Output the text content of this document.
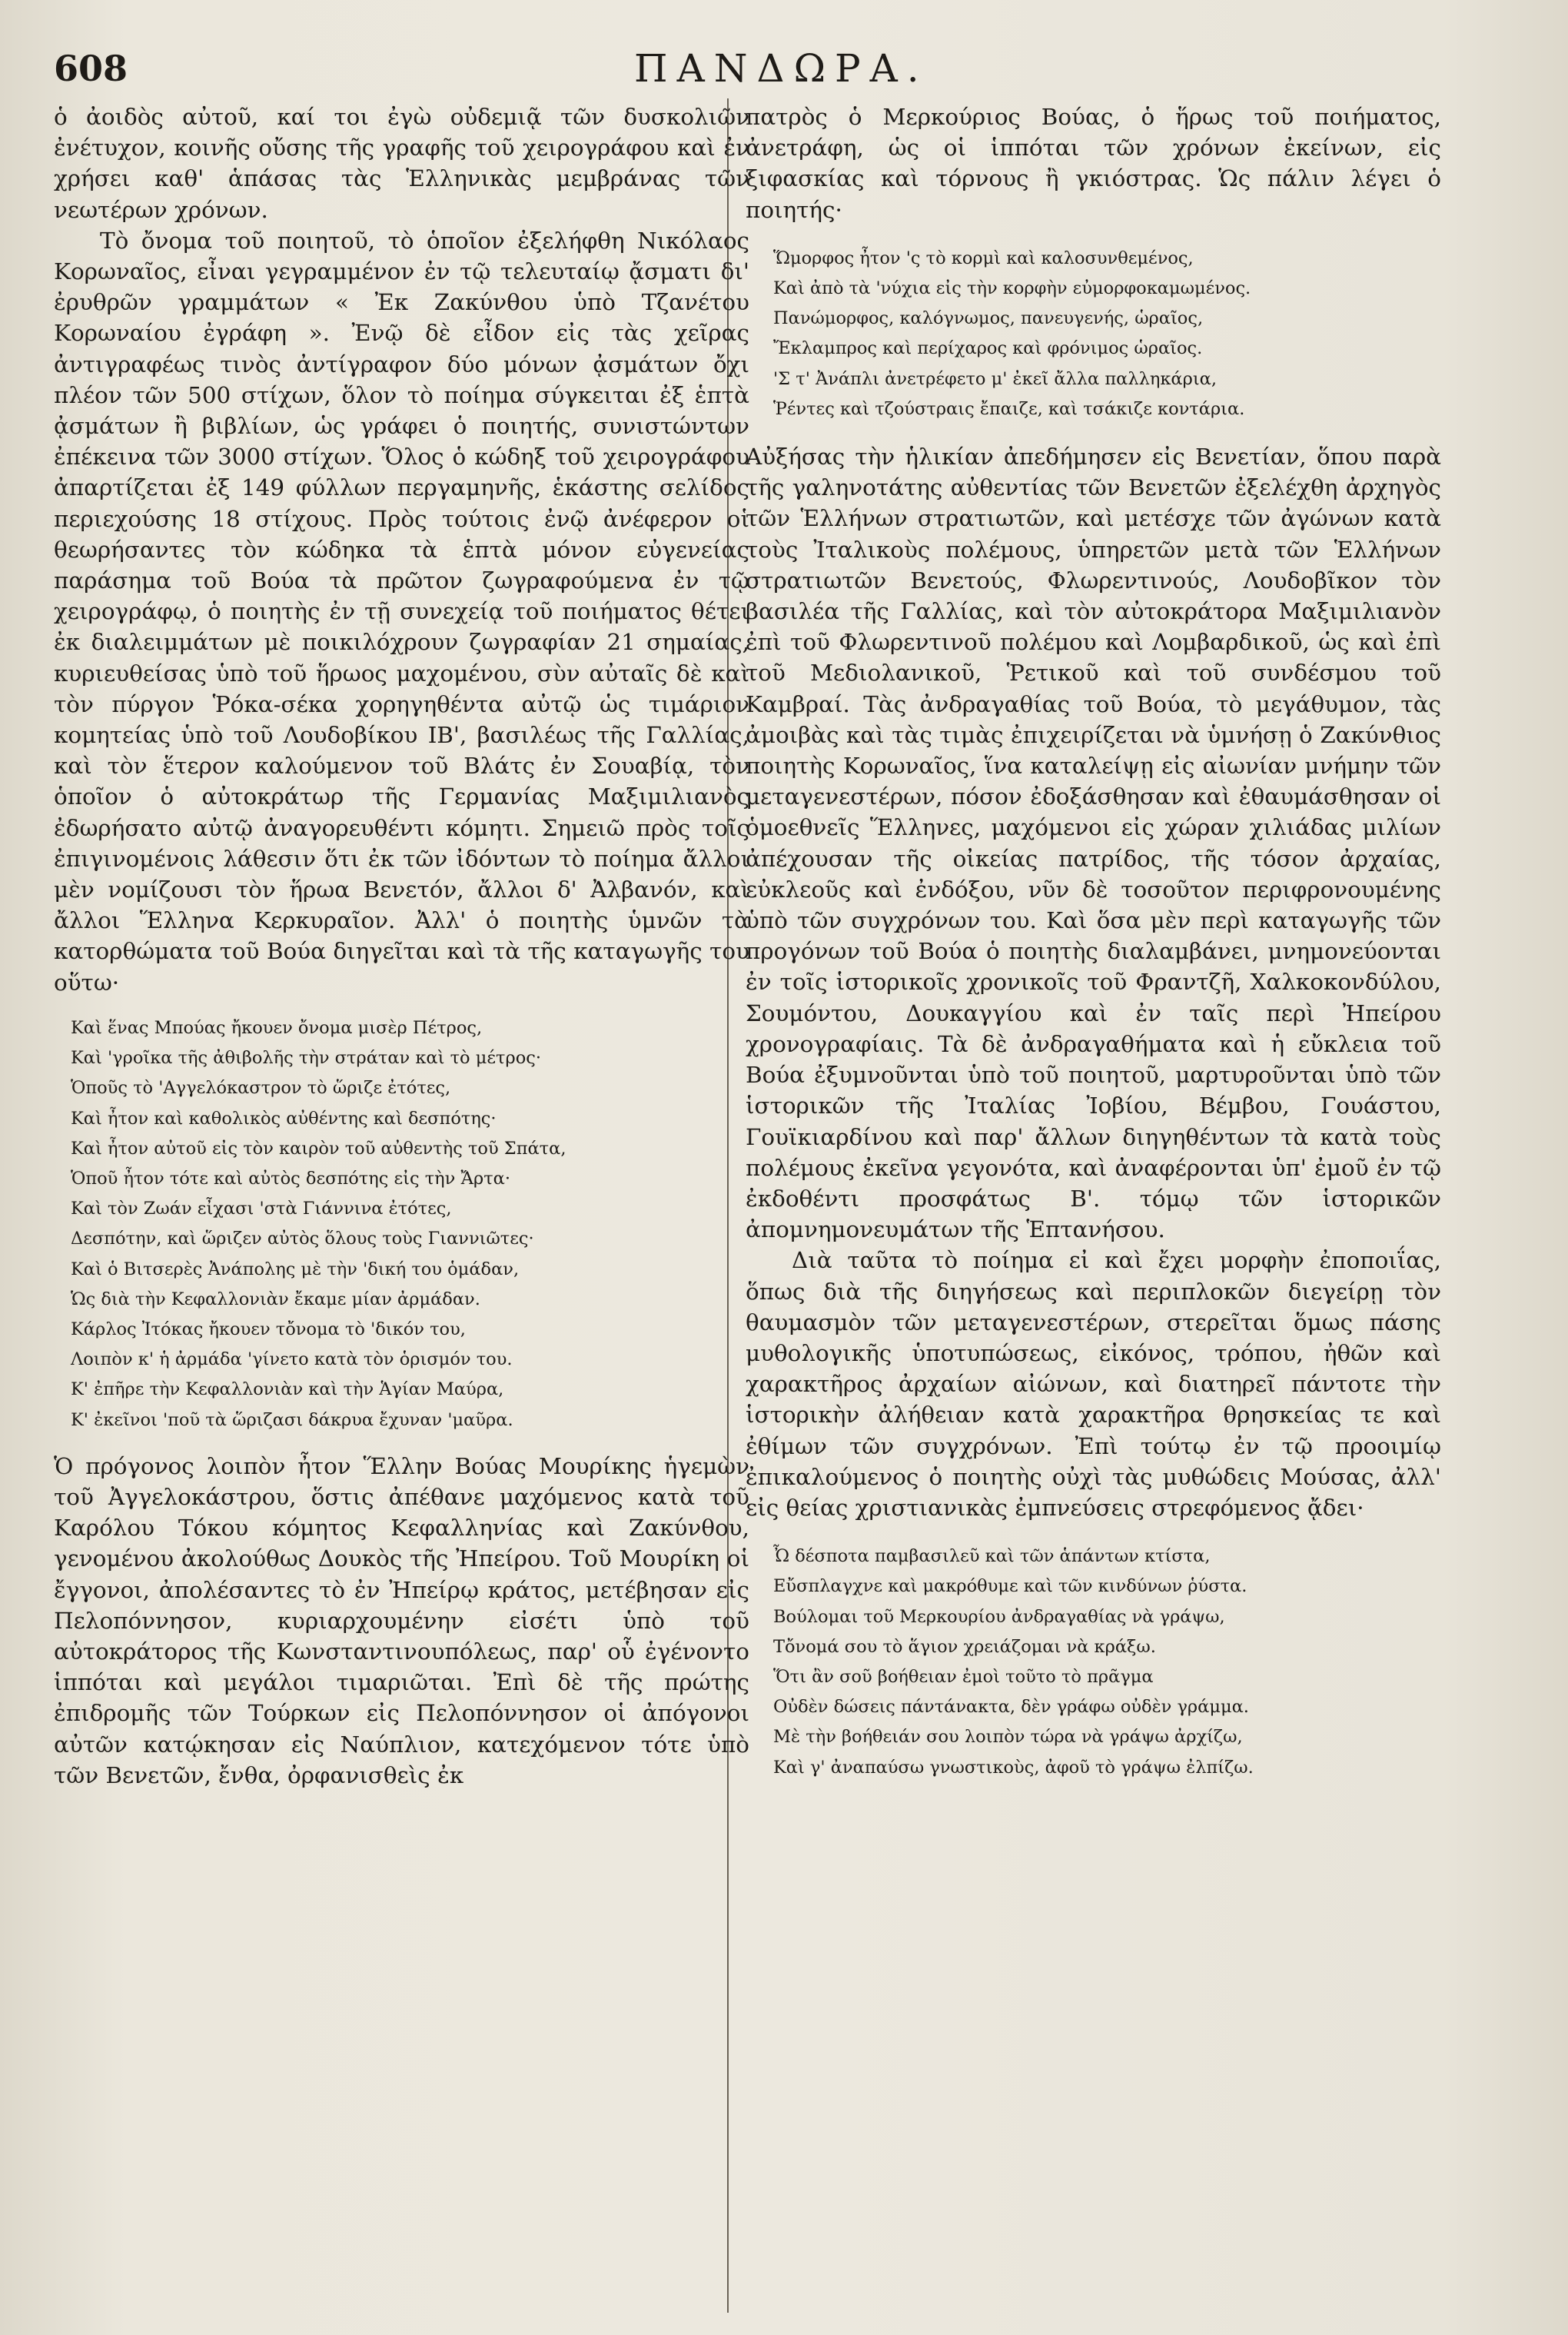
608	ΠΑΝΔΩΡΑ.

ὁ ἀοιδὸς αὐτοῦ, καί τοι ἐγὼ οὐδεμιᾷ τῶν δυσκολιῶν ἐνέτυχον, κοινῆς οὔσης τῆς γραφῆς τοῦ χειρογράφου καὶ ἐν χρήσει καθ' ἁπάσας τὰς Ἑλληνικὰς μεμβράνας τῶν νεωτέρων χρόνων.

Τὸ ὄνομα τοῦ ποιητοῦ, τὸ ὁποῖον ἐξελήφθη Νικόλαος Κορωναῖος, εἶναι γεγραμμένον ἐν τῷ τελευταίῳ ᾄσματι δι' ἐρυθρῶν γραμμάτων « Ἐκ Ζακύνθου ὑπὸ Τζανέτου Κορωναίου ἐγράφη ». Ἐνῷ δὲ εἶδον εἰς τὰς χεῖρας ἀντιγραφέως τινὸς ἀντίγραφον δύο μόνων ᾀσμάτων ὄχι πλέον τῶν 500 στίχων, ὅλον τὸ ποίημα σύγκειται ἐξ ἑπτὰ ᾀσμάτων ἢ βιβλίων, ὡς γράφει ὁ ποιητής, συνιστώντων ἐπέκεινα τῶν 3000 στίχων. Ὅλος ὁ κώδηξ τοῦ χειρογράφου ἀπαρτίζεται ἐξ 149 φύλλων περγαμηνῆς, ἑκάστης σελίδος περιεχούσης 18 στίχους. Πρὸς τούτοις ἐνῷ ἀνέφερον οἱ θεωρήσαντες τὸν κώδηκα τὰ ἑπτὰ μόνον εὐγενείας παράσημα τοῦ Βούα τὰ πρῶτον ζωγραφούμενα ἐν τῷ χειρογράφῳ, ὁ ποιητὴς ἐν τῇ συνεχείᾳ τοῦ ποιήματος θέτει ἐκ διαλειμμάτων μὲ ποικιλόχρουν ζωγραφίαν 21 σημαίας, κυριευθείσας ὑπὸ τοῦ ἥρωος μαχομένου, σὺν αὐταῖς δὲ καὶ τὸν πύργον Ῥόκα-σέκα χορηγηθέντα αὐτῷ ὡς τιμάριον κομητείας ὑπὸ τοῦ Λουδοβίκου ΙΒ', βασιλέως τῆς Γαλλίας, καὶ τὸν ἕτερον καλούμενον τοῦ Βλάτς ἐν Σουαβίᾳ, τὸν ὁποῖον ὁ αὐτοκράτωρ τῆς Γερμανίας Μαξιμιλιανὸς ἐδωρήσατο αὐτῷ ἀναγορευθέντι κόμητι. Σημειῶ πρὸς τοῖς ἐπιγινομένοις λάθεσιν ὅτι ἐκ τῶν ἰδόντων τὸ ποίημα ἄλλοι μὲν νομίζουσι τὸν ἥρωα Βενετόν, ἄλλοι δ' Ἀλβανόν, καὶ ἄλλοι Ἕλληνα Κερκυραῖον. Ἀλλ' ὁ ποιητὴς ὑμνῶν τὰ κατορθώματα τοῦ Βούα διηγεῖται καὶ τὰ τῆς καταγωγῆς του οὕτω·

Καὶ ἕνας Μπούας ἤκουεν ὄνομα μισὲρ Πέτρος,
Καὶ 'γροῖκα τῆς ἀθιβολῆς τὴν στράταν καὶ τὸ μέτρος·
Ὁποῦς τὸ 'Αγγελόκαστρον τὸ ὥριζε ἐτότες,
Καὶ ἦτον καὶ καθολικὸς αὐθέντης καὶ δεσπότης·
Καὶ ἦτον αὐτοῦ εἰς τὸν καιρὸν τοῦ αὐθεντὴς τοῦ Σπάτα,
Ὁποῦ ἦτον τότε καὶ αὐτὸς δεσπότης εἰς τὴν Ἄρτα·
Καὶ τὸν Ζωάν εἶχασι 'στὰ Γιάννινα ἐτότες,
Δεσπότην, καὶ ὥριζεν αὐτὸς ὅλους τοὺς Γιαννιῶτες·
Καὶ ὁ Βιτσερὲς Ἀνάπολης μὲ τὴν 'δική του ὁμάδαν,
Ὡς διὰ τὴν Κεφαλλονιὰν ἔκαμε μίαν ἀρμάδαν.
Κάρλος Ἰτόκας ἤκουεν τὄνομα τὸ 'δικόν του,
Λοιπὸν κ' ἡ ἀρμάδα 'γίνετο κατὰ τὸν ὁρισμόν του.
Κ' ἐπῆρε τὴν Κεφαλλονιὰν καὶ τὴν Ἁγίαν Μαύρα,
Κ' ἐκεῖνοι 'ποῦ τὰ ὥριζασι δάκρυα ἔχυναν 'μαῦρα.

Ὁ πρόγονος λοιπὸν ἦτον Ἕλλην Βούας Μουρίκης ἡγεμὼν τοῦ Ἀγγελοκάστρου, ὅστις ἀπέθανε μαχόμενος κατὰ τοῦ Καρόλου Τόκου κόμητος Κεφαλληνίας καὶ Ζακύνθου, γενομένου ἀκολούθως Δουκὸς τῆς Ἠπείρου. Τοῦ Μουρίκη οἱ ἔγγονοι, ἀπολέσαντες τὸ ἐν Ἠπείρῳ κράτος, μετέβησαν εἰς Πελοπόννησον, κυριαρχουμένην εἰσέτι ὑπὸ τοῦ αὐτοκράτορος τῆς Κωνσταντινουπόλεως, παρ' οὗ ἐγένοντο ἱππόται καὶ μεγάλοι τιμαριῶται. Ἐπὶ δὲ τῆς πρώτης ἐπιδρομῆς τῶν Τούρκων εἰς Πελοπόννησον οἱ ἀπόγονοι αὐτῶν κατῴκησαν εἰς Ναύπλιον, κατεχόμενον τότε ὑπὸ τῶν Βενετῶν, ἔνθα, ὀρφανισθεὶς ἐκ

πατρὸς ὁ Μερκούριος Βούας, ὁ ἥρως τοῦ ποιήματος, ἀνετράφη, ὡς οἱ ἱππόται τῶν χρόνων ἐκείνων, εἰς ξιφασκίας καὶ τόρνους ἢ γκιόστρας. Ὡς πάλιν λέγει ὁ ποιητής·

Ὥμορφος ἦτον 'ς τὸ κορμὶ καὶ καλοσυνθεμένος,
Καὶ ἀπὸ τὰ 'νύχια εἰς τὴν κορφὴν εὐμορφοκαμωμένος.
Πανώμορφος, καλόγνωμος, πανευγενής, ὡραῖος,
Ἔκλαμπρος καὶ περίχαρος καὶ φρόνιμος ὡραῖος.
'Σ τ' Ἀνάπλι ἀνετρέφετο μ' ἐκεῖ ἄλλα παλληκάρια,
Ῥέντες καὶ τζούστραις ἔπαιζε, καὶ τσάκιζε κοντάρια.

Αὐξήσας τὴν ἡλικίαν ἀπεδήμησεν εἰς Βενετίαν, ὅπου παρὰ τῆς γαληνοτάτης αὐθεντίας τῶν Βενετῶν ἐξελέχθη ἀρχηγὸς τῶν Ἑλλήνων στρατιωτῶν, καὶ μετέσχε τῶν ἀγώνων κατὰ τοὺς Ἰταλικοὺς πολέμους, ὑπηρετῶν μετὰ τῶν Ἑλλήνων στρατιωτῶν Βενετούς, Φλωρεντινούς, Λουδοβῖκον τὸν βασιλέα τῆς Γαλλίας, καὶ τὸν αὐτοκράτορα Μαξιμιλιανὸν ἐπὶ τοῦ Φλωρεντινοῦ πολέμου καὶ Λομβαρδικοῦ, ὡς καὶ ἐπὶ τοῦ Μεδιολανικοῦ, Ῥετικοῦ καὶ τοῦ συνδέσμου τοῦ Καμβραί. Τὰς ἀνδραγαθίας τοῦ Βούα, τὸ μεγάθυμον, τὰς ἀμοιβὰς καὶ τὰς τιμὰς ἐπιχειρίζεται νὰ ὑμνήσῃ ὁ Ζακύνθιος ποιητὴς Κορωναῖος, ἵνα καταλείψῃ εἰς αἰωνίαν μνήμην τῶν μεταγενεστέρων, πόσον ἐδοξάσθησαν καὶ ἐθαυμάσθησαν οἱ ὁμοεθνεῖς Ἕλληνες, μαχόμενοι εἰς χώραν χιλιάδας μιλίων ἀπέχουσαν τῆς οἰκείας πατρίδος, τῆς τόσον ἀρχαίας, εὐκλεοῦς καὶ ἐνδόξου, νῦν δὲ τοσοῦτον περιφρονουμένης ὑπὸ τῶν συγχρόνων του. Καὶ ὅσα μὲν περὶ καταγωγῆς τῶν προγόνων τοῦ Βούα ὁ ποιητὴς διαλαμβάνει, μνημονεύονται ἐν τοῖς ἱστορικοῖς χρονικοῖς τοῦ Φραντζῆ, Χαλκοκονδύλου, Σουμόντου, Δουκαγγίου καὶ ἐν ταῖς περὶ Ἠπείρου χρονογραφίαις. Τὰ δὲ ἀνδραγαθήματα καὶ ἡ εὔκλεια τοῦ Βούα ἐξυμνοῦνται ὑπὸ τοῦ ποιητοῦ, μαρτυροῦνται ὑπὸ τῶν ἱστορικῶν τῆς Ἰταλίας Ἰοβίου, Βέμβου, Γουάστου, Γουϊκιαρδίνου καὶ παρ' ἄλλων διηγηθέντων τὰ κατὰ τοὺς πολέμους ἐκεῖνα γεγονότα, καὶ ἀναφέρονται ὑπ' ἐμοῦ ἐν τῷ ἐκδοθέντι προσφάτως Β'. τόμῳ τῶν ἱστορικῶν ἀπομνημονευμάτων τῆς Ἑπτανήσου.

Διὰ ταῦτα τὸ ποίημα εἰ καὶ ἔχει μορφὴν ἐποποιΐας, ὅπως διὰ τῆς διηγήσεως καὶ περιπλοκῶν διεγείρῃ τὸν θαυμασμὸν τῶν μεταγενεστέρων, στερεῖται ὅμως πάσης μυθολογικῆς ὑποτυπώσεως, εἰκόνος, τρόπου, ἠθῶν καὶ χαρακτῆρος ἀρχαίων αἰώνων, καὶ διατηρεῖ πάντοτε τὴν ἱστορικὴν ἀλήθειαν κατὰ χαρακτῆρα θρησκείας τε καὶ ἐθίμων τῶν συγχρόνων. Ἐπὶ τούτῳ ἐν τῷ προοιμίῳ ἐπικαλούμενος ὁ ποιητὴς οὐχὶ τὰς μυθώδεις Μούσας, ἀλλ' εἰς θείας χριστιανικὰς ἐμπνεύσεις στρεφόμενος ᾄδει·

Ὦ δέσποτα παμβασιλεῦ καὶ τῶν ἁπάντων κτίστα,
Εὔσπλαγχνε καὶ μακρόθυμε καὶ τῶν κινδύνων ῥύστα.
Βούλομαι τοῦ Μερκουρίου ἀνδραγαθίας νὰ γράψω,
Τὄνομά σου τὸ ἅγιον χρειάζομαι νὰ κράξω.
Ὅτι ἂν σοῦ βοήθειαν ἐμοὶ τοῦτο τὸ πρᾶγμα
Οὐδὲν δώσεις πάντάνακτα, δὲν γράφω οὐδὲν γράμμα.
Μὲ τὴν βοήθειάν σου λοιπὸν τώρα νὰ γράψω ἀρχίζω,
Καὶ γ' ἀναπαύσω γνωστικοὺς, ἀφοῦ τὸ γράψω ἐλπίζω.
